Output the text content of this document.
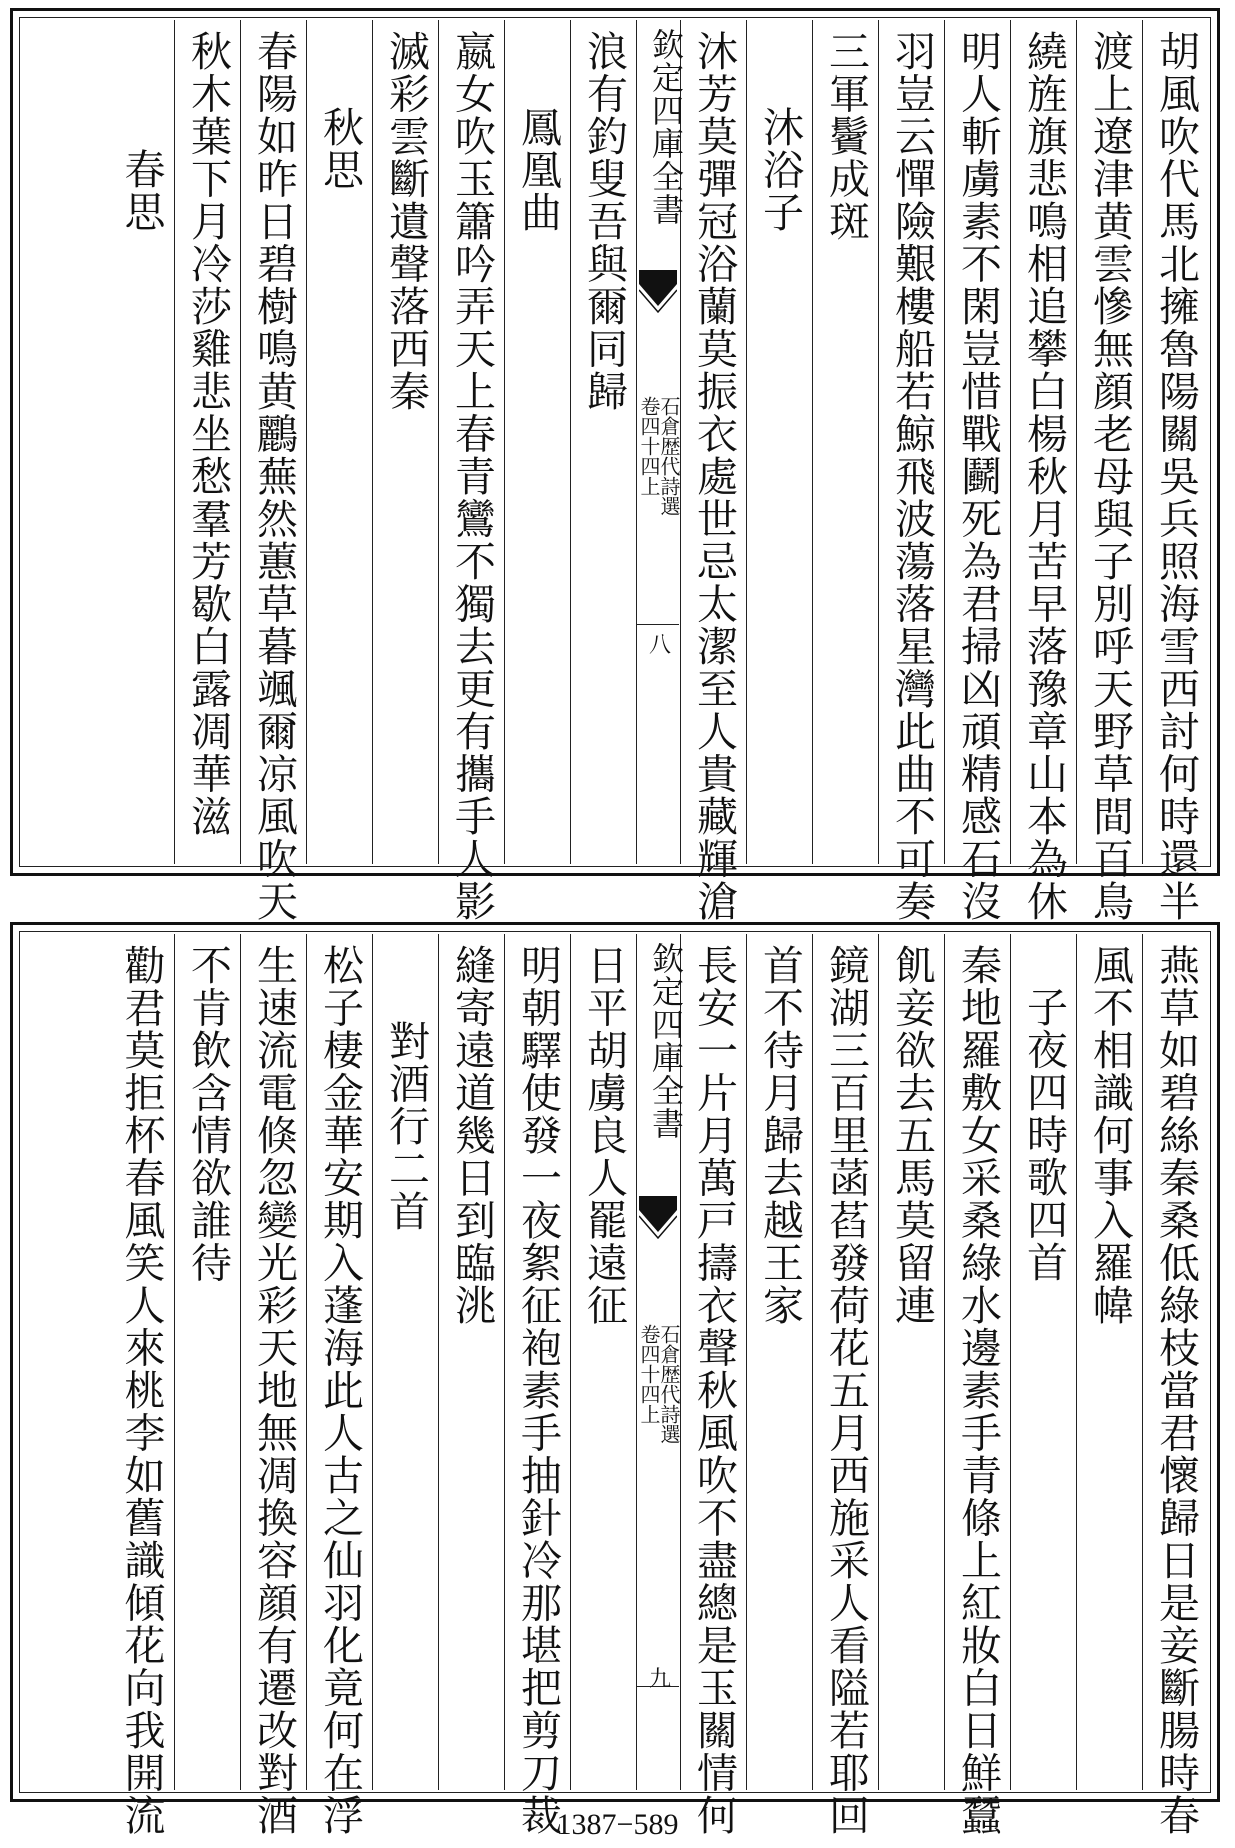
胡風吹代馬北擁魯陽關吳兵照海雪西討何時還半
渡上遼津黄雲慘無顔老母與子別呼天野草間百鳥
繞旌旗悲鳴相追攀白楊秋月苦早落豫章山本為休
明人斬虜素不閑豈惜戰鬬死為君掃凶頑精感石沒
羽豈云憚險艱樓船若鯨飛波蕩落星灣此曲不可奏
三軍鬢成斑
沐浴子
沐芳莫彈冠浴蘭莫振衣處世忌太潔至人貴藏輝滄
欽定四庫全書
石倉歴代詩選
卷四十四上
八
浪有釣叟吾與爾同歸
鳳凰曲
嬴女吹玉簫吟弄天上春青鸞不獨去更有攜手人影
滅彩雲斷遺聲落西秦
秋思
春陽如昨日碧樹鳴黄鸝蕪然蕙草暮颯爾凉風吹天
秋木葉下月冷莎雞悲坐愁羣芳歇白露凋華滋
春思
燕草如碧絲秦桑低綠枝當君懷歸日是妾斷腸時春
風不相識何事入羅幃
子夜四時歌四首
秦地羅敷女采桑綠水邊素手青條上紅妝白日鮮蠶
飢妾欲去五馬莫留連
鏡湖三百里菡萏發荷花五月西施采人看隘若耶回
首不待月歸去越王家
長安一片月萬戸擣衣聲秋風吹不盡總是玉關情何
欽定四庫全書
石倉歴代詩選
卷四十四上
九
日平胡虜良人罷遠征
明朝驛使發一夜絮征袍素手抽針冷那堪把剪刀裁
縫寄遠道幾日到臨洮
對酒行二首
松子棲金華安期入蓬海此人古之仙羽化竟何在浮
生速流電倏忽變光彩天地無凋換容顔有遷改對酒
不肯飲含情欲誰待
勸君莫拒杯春風笑人來桃李如舊識傾花向我開流	1387−589
